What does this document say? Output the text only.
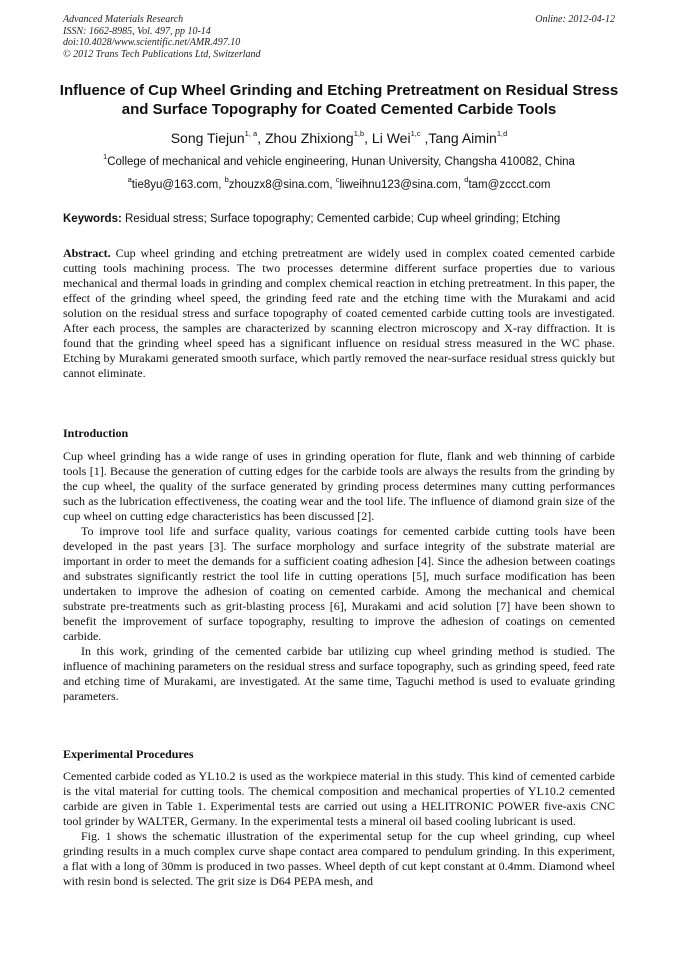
Advanced Materials Research
ISSN: 1662-8985, Vol. 497, pp 10-14
doi:10.4028/www.scientific.net/AMR.497.10
© 2012 Trans Tech Publications Ltd, Switzerland
Online: 2012-04-12
Influence of Cup Wheel Grinding and Etching Pretreatment on Residual Stress and Surface Topography for Coated Cemented Carbide Tools
Song Tiejun$^{1, a}$, Zhou Zhixiong$^{1,b}$, Li Wei$^{1,c}$ ,Tang Aimin$^{1,d}$
$^1$College of mechanical and vehicle engineering, Hunan University, Changsha 410082, China
$^a$tie8yu@163.com, $^b$zhouzx8@sina.com, $^c$liweihnu123@sina.com, $^d$tam@zccct.com
Keywords: Residual stress; Surface topography; Cemented carbide; Cup wheel grinding; Etching
Abstract. Cup wheel grinding and etching pretreatment are widely used in complex coated cemented carbide cutting tools machining process. The two processes determine different surface properties due to various mechanical and thermal loads in grinding and complex chemical reaction in etching pretreatment. In this paper, the effect of the grinding wheel speed, the grinding feed rate and the etching time with the Murakami and acid solution on the residual stress and surface topography of coated cemented carbide cutting tools are investigated. After each process, the samples are characterized by scanning electron microscopy and X-ray diffraction. It is found that the grinding wheel speed has a significant influence on residual stress measured in the WC phase. Etching by Murakami generated smooth surface, which partly removed the near-surface residual stress quickly but cannot eliminate.
Introduction

Cup wheel grinding has a wide range of uses in grinding operation for flute, flank and web thinning of carbide tools [1]. Because the generation of cutting edges for the carbide tools are always the results from the grinding by the cup wheel, the quality of the surface generated by grinding process determines many cutting performances such as the lubrication effectiveness, the coating wear and the tool life. The influence of diamond grain size of the cup wheel on cutting edge characteristics has been discussed [2].

To improve tool life and surface quality, various coatings for cemented carbide cutting tools have been developed in the past years [3]. The surface morphology and surface integrity of the substrate material are important in order to meet the demands for a sufficient coating adhesion [4]. Since the adhesion between coatings and substrates significantly restrict the tool life in cutting operations [5], much surface modification has been undertaken to improve the adhesion of coating on cemented carbide. Among the mechanical and chemical substrate pre-treatments such as grit-blasting process [6], Murakami and acid solution [7] have been shown to benefit the improvement of surface topography, resulting to improve the adhesion of coatings on cemented carbide.

In this work, grinding of the cemented carbide bar utilizing cup wheel grinding method is studied. The influence of machining parameters on the residual stress and surface topography, such as grinding speed, feed rate and etching time of Murakami, are investigated. At the same time, Taguchi method is used to evaluate grinding parameters.

Experimental Procedures

Cemented carbide coded as YL10.2 is used as the workpiece material in this study. This kind of cemented carbide is the vital material for cutting tools. The chemical composition and mechanical properties of YL10.2 cemented carbide are given in Table 1. Experimental tests are carried out using a HELITRONIC POWER five-axis CNC tool grinder by WALTER, Germany. In the experimental tests a mineral oil based cooling lubricant is used.

Fig. 1 shows the schematic illustration of the experimental setup for the cup wheel grinding, cup wheel grinding results in a much complex curve shape contact area compared to pendulum grinding. In this experiment, a flat with a long of 30mm is produced in two passes. Wheel depth of cut kept constant at 0.4mm. Diamond wheel with resin bond is selected. The grit size is D64 PEPA mesh, and
